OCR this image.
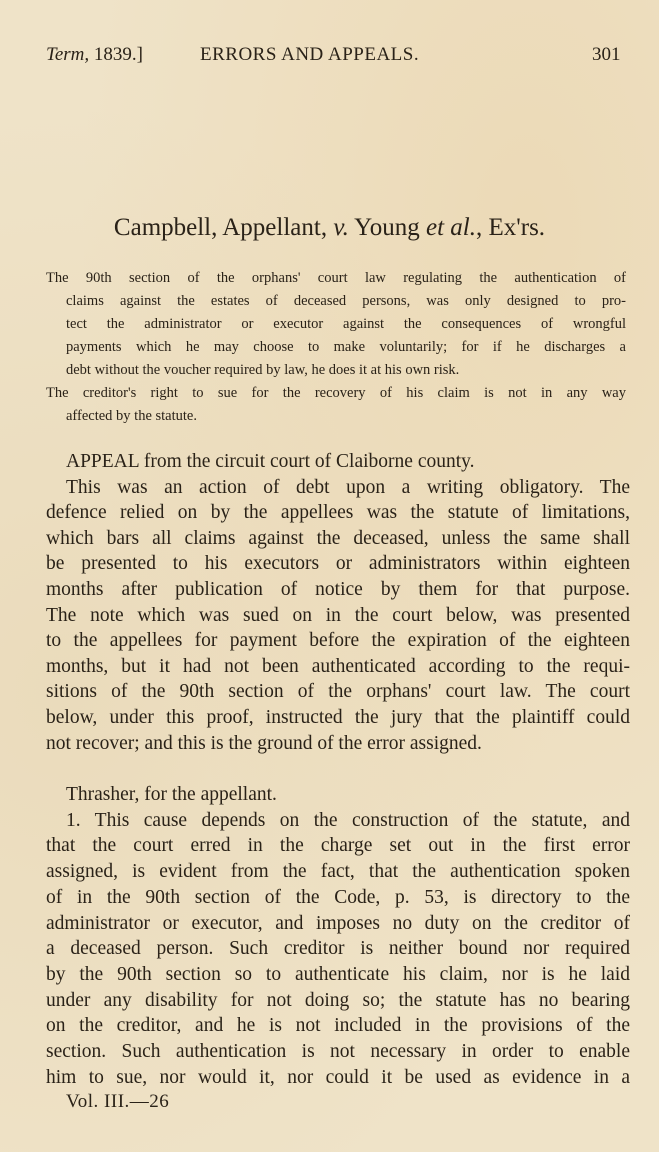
Term, 1839.]	ERRORS AND APPEALS.	301
Campbell, Appellant, v. Young et al., Ex'rs.
The 90th section of the orphans' court law regulating the authentication of
claims against the estates of deceased persons, was only designed to pro-
tect the administrator or executor against the consequences of wrongful
payments which he may choose to make voluntarily; for if he discharges a
debt without the voucher required by law, he does it at his own risk.
The creditor's right to sue for the recovery of his claim is not in any way
affected by the statute.
APPEAL from the circuit court of Claiborne county.
This was an action of debt upon a writing obligatory. The
defence relied on by the appellees was the statute of limitations,
which bars all claims against the deceased, unless the same shall
be presented to his executors or administrators within eighteen
months after publication of notice by them for that purpose.
The note which was sued on in the court below, was presented
to the appellees for payment before the expiration of the eighteen
months, but it had not been authenticated according to the requi-
sitions of the 90th section of the orphans' court law. The court
below, under this proof, instructed the jury that the plaintiff could
not recover; and this is the ground of the error assigned.
Thrasher, for the appellant.
1. This cause depends on the construction of the statute, and
that the court erred in the charge set out in the first error
assigned, is evident from the fact, that the authentication spoken
of in the 90th section of the Code, p. 53, is directory to the
administrator or executor, and imposes no duty on the creditor of
a deceased person. Such creditor is neither bound nor required
by the 90th section so to authenticate his claim, nor is he laid
under any disability for not doing so; the statute has no bearing
on the creditor, and he is not included in the provisions of the
section. Such authentication is not necessary in order to enable
him to sue, nor would it, nor could it be used as evidence in a
Vol. III.—26
